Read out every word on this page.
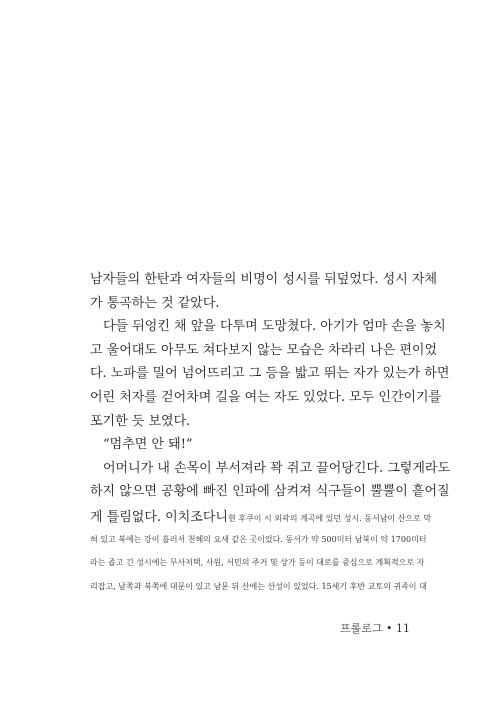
남자들의 한탄과 여자들의 비명이 성시를 뒤덮었다. 성시 자체
가 통곡하는 것 같았다.
다들 뒤엉킨 채 앞을 다투며 도망쳤다. 아기가 엄마 손을 놓치
고 울어대도 아무도 쳐다보지 않는 모습은 차라리 나은 편이었
다. 노파를 밀어 넘어뜨리고 그 등을 밟고 뛰는 자가 있는가 하면
어린 처자를 걷어차며 길을 여는 자도 있었다. 모두 인간이기를
포기한 듯 보였다.
“멈추면 안 돼!”
어머니가 내 손목이 부서져라 꽉 쥐고 끌어당긴다. 그렇게라도
하지 않으면 공황에 빠진 인파에 삼켜져 식구들이 뿔뿔이 흩어질
게 틀림없다. 이치조다니현 후쿠이 시 외곽의 계곡에 있던 성시. 동서남이 산으로 막
혀 있고 북에는 강이 흘러서 천혜의 요새 같은 곳이었다. 동서가 약 500미터 남북이 약 1700미터
라는 좁고 긴 성시에는 무사저택, 사원, 서민의 주거 및 상가 등이 대로를 중심으로 계획적으로 자
리잡고, 남쪽과 북쪽에 대문이 있고 남문 뒤 산에는 산성이 있었다. 15세기 후반 교토의 귀족이 대
프롤로그 • 11
